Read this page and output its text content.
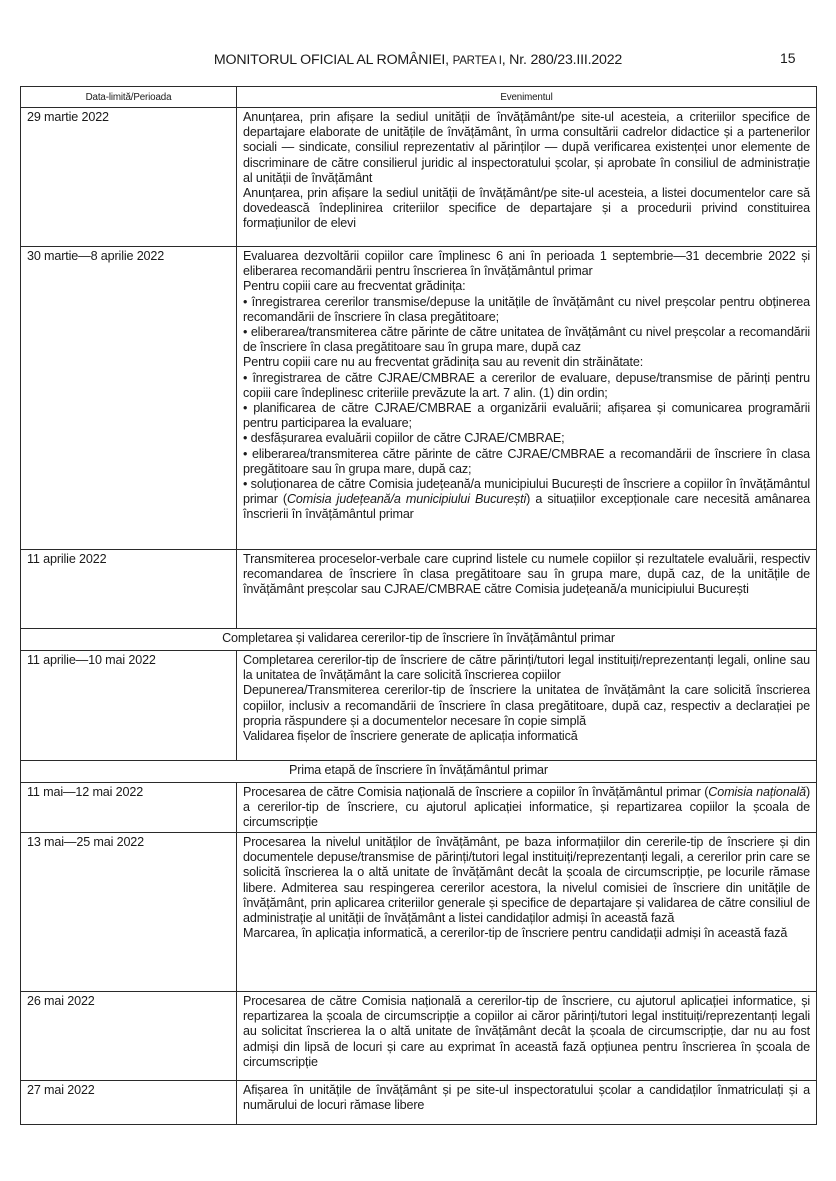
MONITORUL OFICIAL AL ROMÂNIEI, PARTEA I, Nr. 280/23.III.2022	15
Data-limită/Perioada	Evenimentul
29 martie 2022	Anunțarea, prin afișare la sediul unității de învățământ/pe site-ul acesteia, a criteriilor specifice de departajare elaborate de unitățile de învățământ, în urma consultării cadrelor didactice și a partenerilor sociali — sindicate, consiliul reprezentativ al părinților — după verificarea existenței unor elemente de discriminare de către consilierul juridic al inspectoratului școlar, și aprobate în consiliul de administrație al unității de învățământ

Anunțarea, prin afișare la sediul unității de învățământ/pe site-ul acesteia, a listei documentelor care să dovedească îndeplinirea criteriilor specifice de departajare și a procedurii privind constituirea formațiunilor de elevi

30 martie—8 aprilie 2022	Evaluarea dezvoltării copiilor care împlinesc 6 ani în perioada 1 septembrie—31 decembrie 2022 și eliberarea recomandării pentru înscrierea în învățământul primar

Pentru copiii care au frecventat grădinița:

• înregistrarea cererilor transmise/depuse la unitățile de învățământ cu nivel preșcolar pentru obținerea recomandării de înscriere în clasa pregătitoare;

• eliberarea/transmiterea către părinte de către unitatea de învățământ cu nivel preșcolar a recomandării de înscriere în clasa pregătitoare sau în grupa mare, după caz

Pentru copiii care nu au frecventat grădinița sau au revenit din străinătate:

• înregistrarea de către CJRAE/CMBRAE a cererilor de evaluare, depuse/transmise de părinți pentru copiii care îndeplinesc criteriile prevăzute la art. 7 alin. (1) din ordin;

• planificarea de către CJRAE/CMBRAE a organizării evaluării; afișarea și comunicarea programării pentru participarea la evaluare;

• desfășurarea evaluării copiilor de către CJRAE/CMBRAE;

• eliberarea/transmiterea către părinte de către CJRAE/CMBRAE a recomandării de înscriere în clasa pregătitoare sau în grupa mare, după caz;

• soluționarea de către Comisia județeană/a municipiului București de înscriere a copiilor în învățământul primar (Comisia județeană/a municipiului București) a situațiilor excepționale care necesită amânarea înscrierii în învățământul primar

11 aprilie 2022	Transmiterea proceselor-verbale care cuprind listele cu numele copiilor și rezultatele evaluării, respectiv recomandarea de înscriere în clasa pregătitoare sau în grupa mare, după caz, de la unitățile de învățământ preșcolar sau CJRAE/CMBRAE către Comisia județeană/a municipiului București

Completarea și validarea cererilor-tip de înscriere în învățământul primar	
11 aprilie—10 mai 2022	Completarea cererilor-tip de înscriere de către părinți/tutori legal instituiți/reprezentanți legali, online sau la unitatea de învățământ la care solicită înscrierea copiilor

Depunerea/Transmiterea cererilor-tip de înscriere la unitatea de învățământ la care solicită înscrierea copiilor, inclusiv a recomandării de înscriere în clasa pregătitoare, după caz, respectiv a declarației pe propria răspundere și a documentelor necesare în copie simplă

Validarea fișelor de înscriere generate de aplicația informatică

Prima etapă de înscriere în învățământul primar	
11 mai—12 mai 2022	Procesarea de către Comisia națională de înscriere a copiilor în învățământul primar (Comisia națională) a cererilor-tip de înscriere, cu ajutorul aplicației informatice, și repartizarea copiilor la școala de circumscripție

13 mai—25 mai 2022	Procesarea la nivelul unităților de învățământ, pe baza informațiilor din cererile-tip de înscriere și din documentele depuse/transmise de părinți/tutori legal instituiți/reprezentanți legali, a cererilor prin care se solicită înscrierea la o altă unitate de învățământ decât la școala de circumscripție, pe locurile rămase libere. Admiterea sau respingerea cererilor acestora, la nivelul comisiei de înscriere din unitățile de învățământ, prin aplicarea criteriilor generale și specifice de departajare și validarea de către consiliul de administrație al unității de învățământ a listei candidaților admiși în această fază

Marcarea, în aplicația informatică, a cererilor-tip de înscriere pentru candidații admiși în această fază

26 mai 2022	Procesarea de către Comisia națională a cererilor-tip de înscriere, cu ajutorul aplicației informatice, și repartizarea la școala de circumscripție a copiilor ai căror părinți/tutori legal instituiți/reprezentanți legali au solicitat înscrierea la o altă unitate de învățământ decât la școala de circumscripție, dar nu au fost admiși din lipsă de locuri și care au exprimat în această fază opțiunea pentru înscrierea în școala de circumscripție

27 mai 2022	Afișarea în unitățile de învățământ și pe site-ul inspectoratului școlar a candidaților înmatriculați și a numărului de locuri rămase libere
